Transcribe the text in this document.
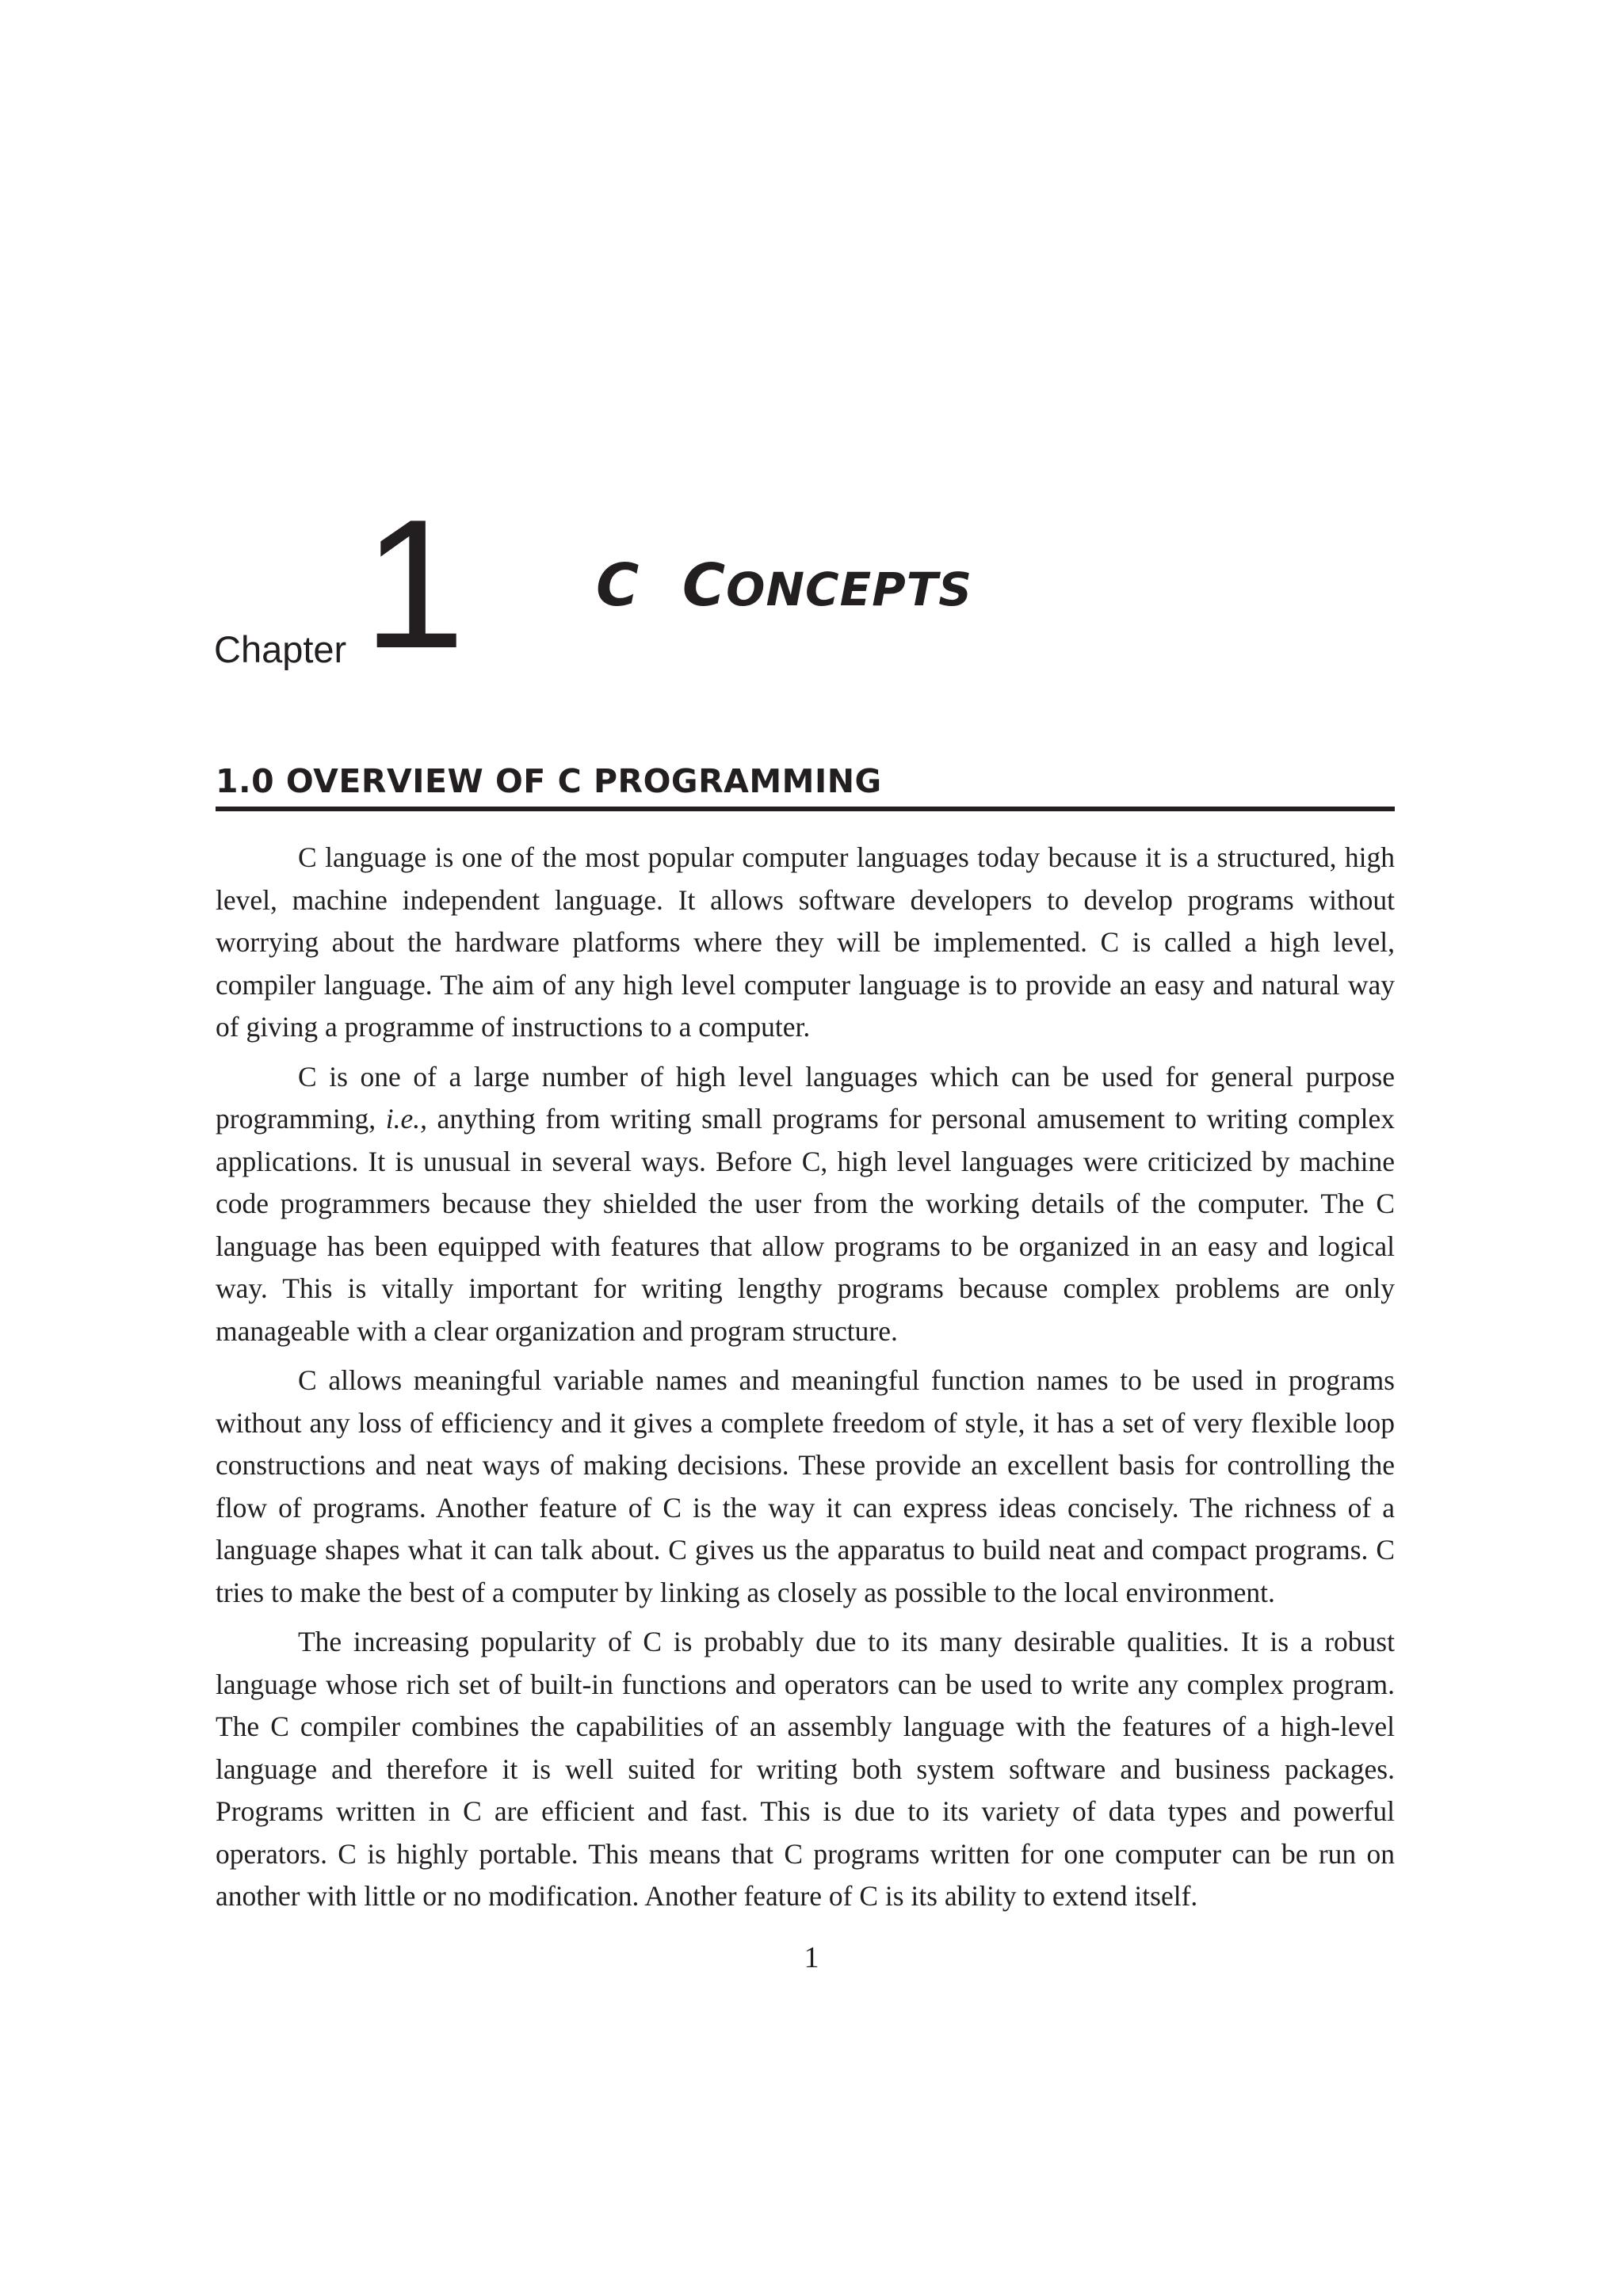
Chapter 1 C CONCEPTS
1.0 OVERVIEW OF C PROGRAMMING

C language is one of the most popular computer languages today because it is a structured, high level, machine independent language. It allows software developers to develop programs without worrying about the hardware platforms where they will be implemented. C is called a high level, compiler language. The aim of any high level computer language is to provide an easy and natural way of giving a programme of instructions to a computer.

C is one of a large number of high level languages which can be used for general purpose programming, i.e., anything from writing small programs for personal amusement to writing complex applications. It is unusual in several ways. Before C, high level languages were criticized by machine code programmers because they shielded the user from the working details of the computer. The C language has been equipped with features that allow programs to be organized in an easy and logical way. This is vitally important for writing lengthy programs because complex problems are only manageable with a clear organization and program structure.

C allows meaningful variable names and meaningful function names to be used in programs without any loss of efficiency and it gives a complete freedom of style, it has a set of very flexible loop constructions and neat ways of making decisions. These provide an excellent basis for controlling the flow of programs. Another feature of C is the way it can express ideas concisely. The richness of a language shapes what it can talk about. C gives us the apparatus to build neat and compact programs. C tries to make the best of a computer by linking as closely as possible to the local environment.

The increasing popularity of C is probably due to its many desirable qualities. It is a robust language whose rich set of built-in functions and operators can be used to write any complex program. The C compiler combines the capabilities of an assembly language with the features of a high-level language and therefore it is well suited for writing both system software and business packages. Programs written in C are efficient and fast. This is due to its variety of data types and powerful operators. C is highly portable. This means that C programs written for one computer can be run on another with little or no modification. Another feature of C is its ability to extend itself.

1
